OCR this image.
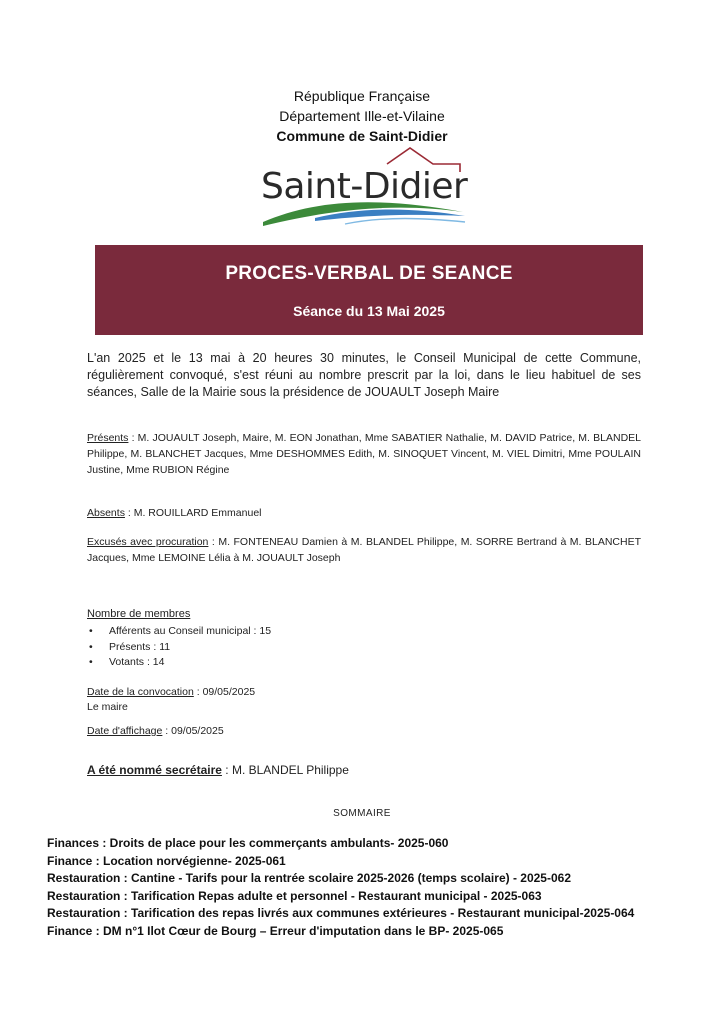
République Française
Département Ille-et-Vilaine
Commune de Saint-Didier
Saint-Didier
PROCES-VERBAL DE SEANCE
Séance du 13 Mai 2025
L'an 2025 et le 13 mai à 20 heures 30 minutes, le Conseil Municipal de cette Commune, régulièrement convoqué, s'est réuni au nombre prescrit par la loi, dans le lieu habituel de ses séances, Salle de la Mairie sous la présidence de JOUAULT Joseph Maire
Présents : M. JOUAULT Joseph, Maire, M. EON Jonathan, Mme SABATIER Nathalie, M. DAVID Patrice, M. BLANDEL Philippe, M. BLANCHET Jacques, Mme DESHOMMES Edith, M. SINOQUET Vincent, M. VIEL Dimitri, Mme POULAIN Justine, Mme RUBION Régine
Absents : M. ROUILLARD Emmanuel
Excusés avec procuration : M. FONTENEAU Damien à M. BLANDEL Philippe, M. SORRE Bertrand à M. BLANCHET Jacques, Mme LEMOINE Lélia à M. JOUAULT Joseph
Nombre de membres
• Afférents au Conseil municipal : 15
• Présents : 11
• Votants : 14
Date de la convocation : 09/05/2025
Le maire
Date d'affichage : 09/05/2025
A été nommé secrétaire : M. BLANDEL Philippe
SOMMAIRE
Finances : Droits de place pour les commerçants ambulants- 2025-060
Finance : Location norvégienne- 2025-061
Restauration : Cantine - Tarifs pour la rentrée scolaire 2025-2026 (temps scolaire) - 2025-062
Restauration : Tarification Repas adulte et personnel - Restaurant municipal - 2025-063
Restauration : Tarification des repas livrés aux communes extérieures - Restaurant municipal-2025-064
Finance : DM n°1 Ilot Cœur de Bourg – Erreur d'imputation dans le BP- 2025-065
